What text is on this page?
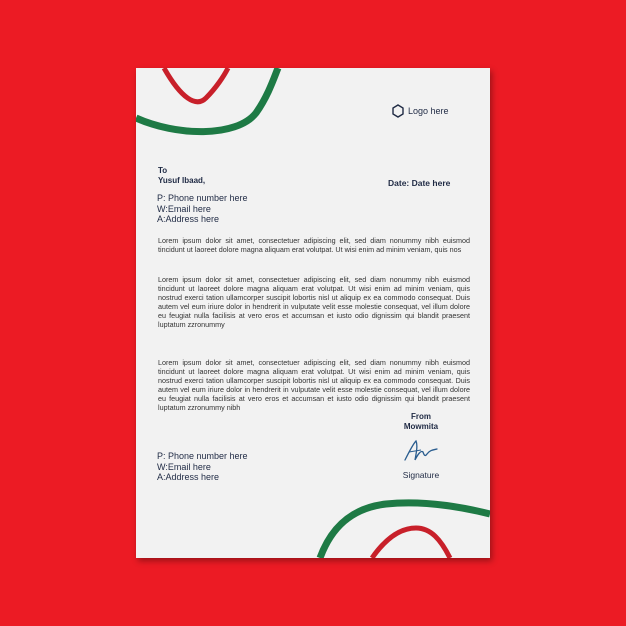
Logo here
To
Yusuf Ibaad,	Date: Date here
P: Phone number here
W:Email here
A:Address here

Lorem ipsum dolor sit amet, consectetuer adipiscing elit, sed diam nonummy nibh euismod tincidunt ut laoreet dolore magna aliquam erat volutpat. Ut wisi enim ad minim veniam, quis nos

Lorem ipsum dolor sit amet, consectetuer adipiscing elit, sed diam nonummy nibh euismod tincidunt ut laoreet dolore magna aliquam erat volutpat. Ut wisi enim ad minim veniam, quis nostrud exerci tation ullamcorper suscipit lobortis nisl ut aliquip ex ea commodo consequat. Duis autem vel eum iriure dolor in hendrerit in vulputate velit esse molestie consequat, vel illum dolore eu feugiat nulla facilisis at vero eros et accumsan et iusto odio dignissim qui blandit praesent luptatum zzronummy

Lorem ipsum dolor sit amet, consectetuer adipiscing elit, sed diam nonummy nibh euismod tincidunt ut laoreet dolore magna aliquam erat volutpat. Ut wisi enim ad minim veniam, quis nostrud exerci tation ullamcorper suscipit lobortis nisl ut aliquip ex ea commodo consequat. Duis autem vel eum iriure dolor in hendrerit in vulputate velit esse molestie consequat, vel illum dolore eu feugiat nulla facilisis at vero eros et accumsan et iusto odio dignissim qui blandit praesent luptatum zzronummy nibh

From
Mowmita
Signature
P: Phone number here
W:Email here
A:Address here
